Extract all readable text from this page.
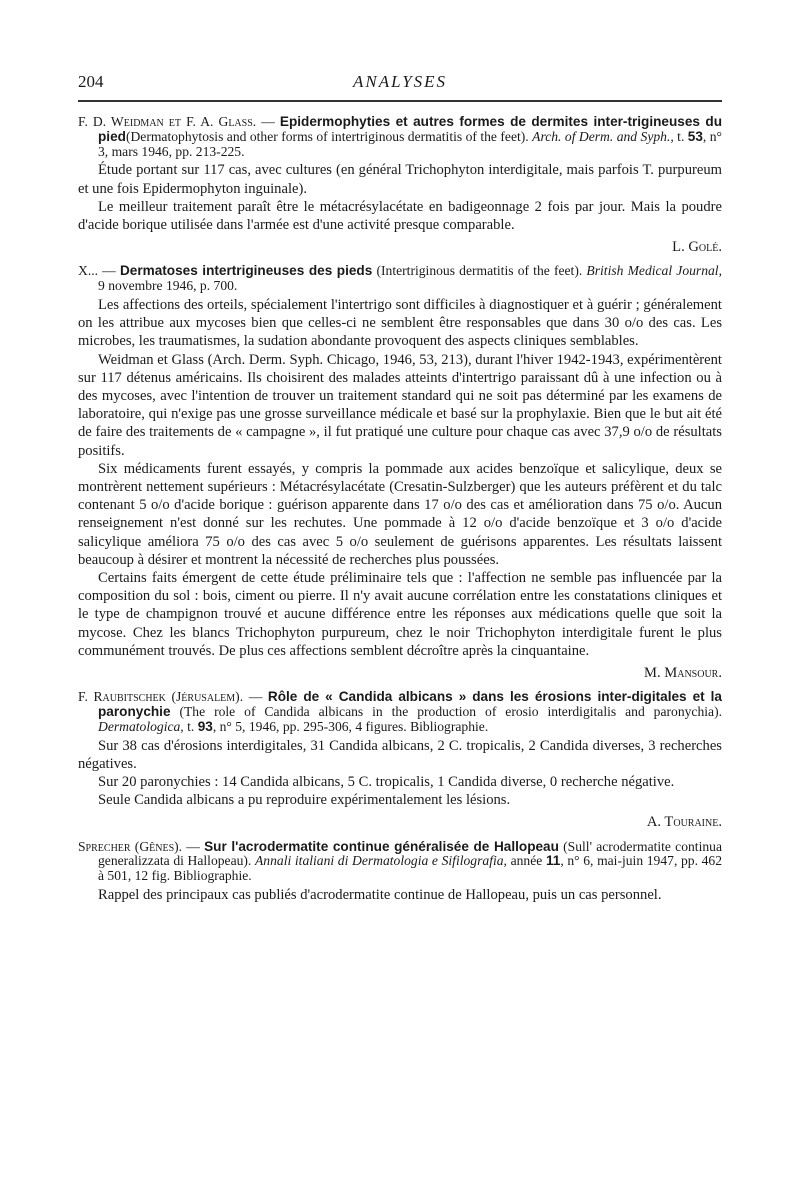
204	ANALYSES

F. D. Weidman et F. A. Glass. — Epidermophyties et autres formes de dermites inter-trigineuses du pied(Dermatophytosis and other forms of intertriginous dermatitis of the feet). Arch. of Derm. and Syph., t. 53, n° 3, mars 1946, pp. 213-225.

Étude portant sur 117 cas, avec cultures (en général Trichophyton interdigitale, mais parfois T. purpureum et une fois Epidermophyton inguinale).

Le meilleur traitement paraît être le métacrésylacétate en badigeonnage 2 fois par jour. Mais la poudre d'acide borique utilisée dans l'armée est d'une activité presque comparable.

L. Golé.

X... — Dermatoses intertrigineuses des pieds (Intertriginous dermatitis of the feet). British Medical Journal, 9 novembre 1946, p. 700.

Les affections des orteils, spécialement l'intertrigo sont difficiles à diagnostiquer et à guérir ; généralement on les attribue aux mycoses bien que celles-ci ne semblent être responsables que dans 30 o/o des cas. Les microbes, les traumatismes, la sudation abondante provoquent des aspects cliniques semblables.

Weidman et Glass (Arch. Derm. Syph. Chicago, 1946, 53, 213), durant l'hiver 1942-1943, expérimentèrent sur 117 détenus américains. Ils choisirent des malades atteints d'intertrigo paraissant dû à une infection ou à des mycoses, avec l'intention de trouver un traitement standard qui ne soit pas déterminé par les examens de laboratoire, qui n'exige pas une grosse surveillance médicale et basé sur la prophylaxie. Bien que le but ait été de faire des traitements de « campagne », il fut pratiqué une culture pour chaque cas avec 37,9 o/o de résultats positifs.

Six médicaments furent essayés, y compris la pommade aux acides benzoïque et salicylique, deux se montrèrent nettement supérieurs : Métacrésylacétate (Cresatin-Sulzberger) que les auteurs préfèrent et du talc contenant 5 o/o d'acide borique : guérison apparente dans 17 o/o des cas et amélioration dans 75 o/o. Aucun renseignement n'est donné sur les rechutes. Une pommade à 12 o/o d'acide benzoïque et 3 o/o d'acide salicylique améliora 75 o/o des cas avec 5 o/o seulement de guérisons apparentes. Les résultats laissent beaucoup à désirer et montrent la nécessité de recherches plus poussées.

Certains faits émergent de cette étude préliminaire tels que : l'affection ne semble pas influencée par la composition du sol : bois, ciment ou pierre. Il n'y avait aucune corrélation entre les constatations cliniques et le type de champignon trouvé et aucune différence entre les réponses aux médications quelle que soit la mycose. Chez les blancs Trichophyton purpureum, chez le noir Trichophyton interdigitale furent le plus communément trouvés. De plus ces affections semblent décroître après la cinquantaine.

M. Mansour.

F. Raubitschek (Jérusalem). — Rôle de « Candida albicans » dans les érosions inter-digitales et la paronychie (The role of Candida albicans in the production of erosio interdigitalis and paronychia). Dermatologica, t. 93, n° 5, 1946, pp. 295-306, 4 figures. Bibliographie.

Sur 38 cas d'érosions interdigitales, 31 Candida albicans, 2 C. tropicalis, 2 Candida diverses, 3 recherches négatives.

Sur 20 paronychies : 14 Candida albicans, 5 C. tropicalis, 1 Candida diverse, 0 recherche négative.

Seule Candida albicans a pu reproduire expérimentalement les lésions.

A. Touraine.

Sprecher (Gênes). — Sur l'acrodermatite continue généralisée de Hallopeau (Sull' acrodermatite continua generalizzata di Hallopeau). Annali italiani di Dermatologia e Sifilografia, année 11, n° 6, mai-juin 1947, pp. 462 à 501, 12 fig. Bibliographie.

Rappel des principaux cas publiés d'acrodermatite continue de Hallopeau, puis un cas personnel.
